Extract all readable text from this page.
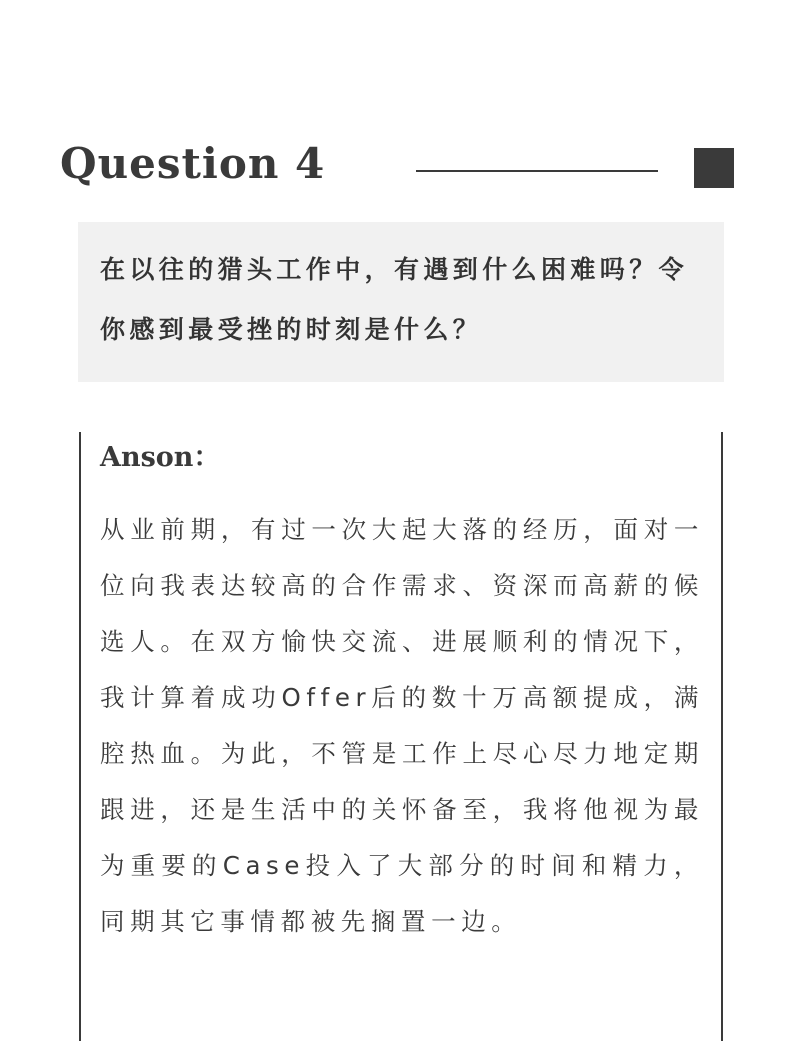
Question 4

在以往的猎头工作中，有遇到什么困难吗？令你感到最受挫的时刻是什么？

Anson：

从业前期，有过一次大起大落的经历，面对一位向我表达较高的合作需求、资深而高薪的候选人。在双方愉快交流、进展顺利的情况下，我计算着成功Offer后的数十万高额提成，满腔热血。为此，不管是工作上尽心尽力地定期跟进，还是生活中的关怀备至，我将他视为最为重要的Case投入了大部分的时间和精力，同期其它事情都被先搁置一边。
